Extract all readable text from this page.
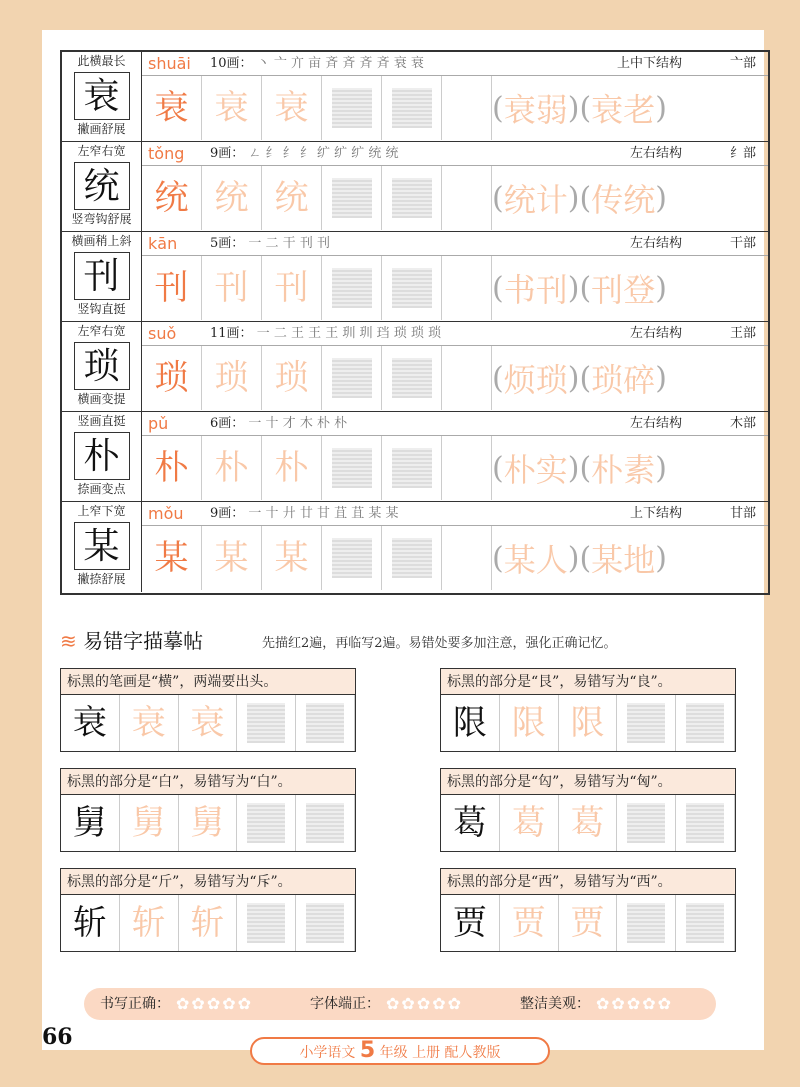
此横最长
衰
撇画舒展
shuāi 10画： 丶 亠 亣 亩 斉 斉 斉 斉 衰 衰	上中下结构	亠部
衰 衰 衰	( 衰 弱 )( 衰 老 )
左窄右宽
统
竖弯钩舒展
tǒng 9画： ㄥ 纟 纟 纟 纩 纩 纩 统 统	左右结构	纟部
统 统 统	( 统 计 )( 传 统 )
横画稍上斜
刊
竖钩直挺
kān	5画： 一 二 干 刊 刊	左右结构	干部
刊 刊 刊	( 书 刊 )( 刊 登 )
左窄右宽
琐
横画变提
suǒ	11画： 一 二 王 王 王 玔 玔 珰 琐 琐 琐	左右结构	王部
琐 琐 琐	( 烦 琐 )( 琐 碎 )
竖画直挺
朴
捺画变点
pǔ	6画： 一 十 才 木 朴 朴	左右结构	木部
朴 朴 朴	( 朴 实 )( 朴 素 )
上窄下宽
某
撇捺舒展
mǒu 9画： 一 十 廾 廿 甘 苴 苴 某 某	上下结构	甘部
某 某 某	( 某 人 )( 某 地 )
≋ 易错字描摹帖	先描红2遍，再临写2遍。易错处要多加注意，强化正确记忆。
标黑的笔画是“横”，两端要出头。
衰 衰 衰
标黑的部分是“艮”，易错写为“良”。
限 限 限
标黑的部分是“白”，易错写为“白”。
舅 舅 舅
标黑的部分是“匃”，易错写为“匈”。
葛 葛 葛
标黑的部分是“斤”，易错写为“斥”。
斩 斩 斩
标黑的部分是“西”，易错写为“西”。
贾 贾 贾
书写正确： ✿✿✿✿✿	字体端正： ✿✿✿✿✿	整洁美观： ✿✿✿✿✿
66
小学语文 5 年级 上册 配人教版
